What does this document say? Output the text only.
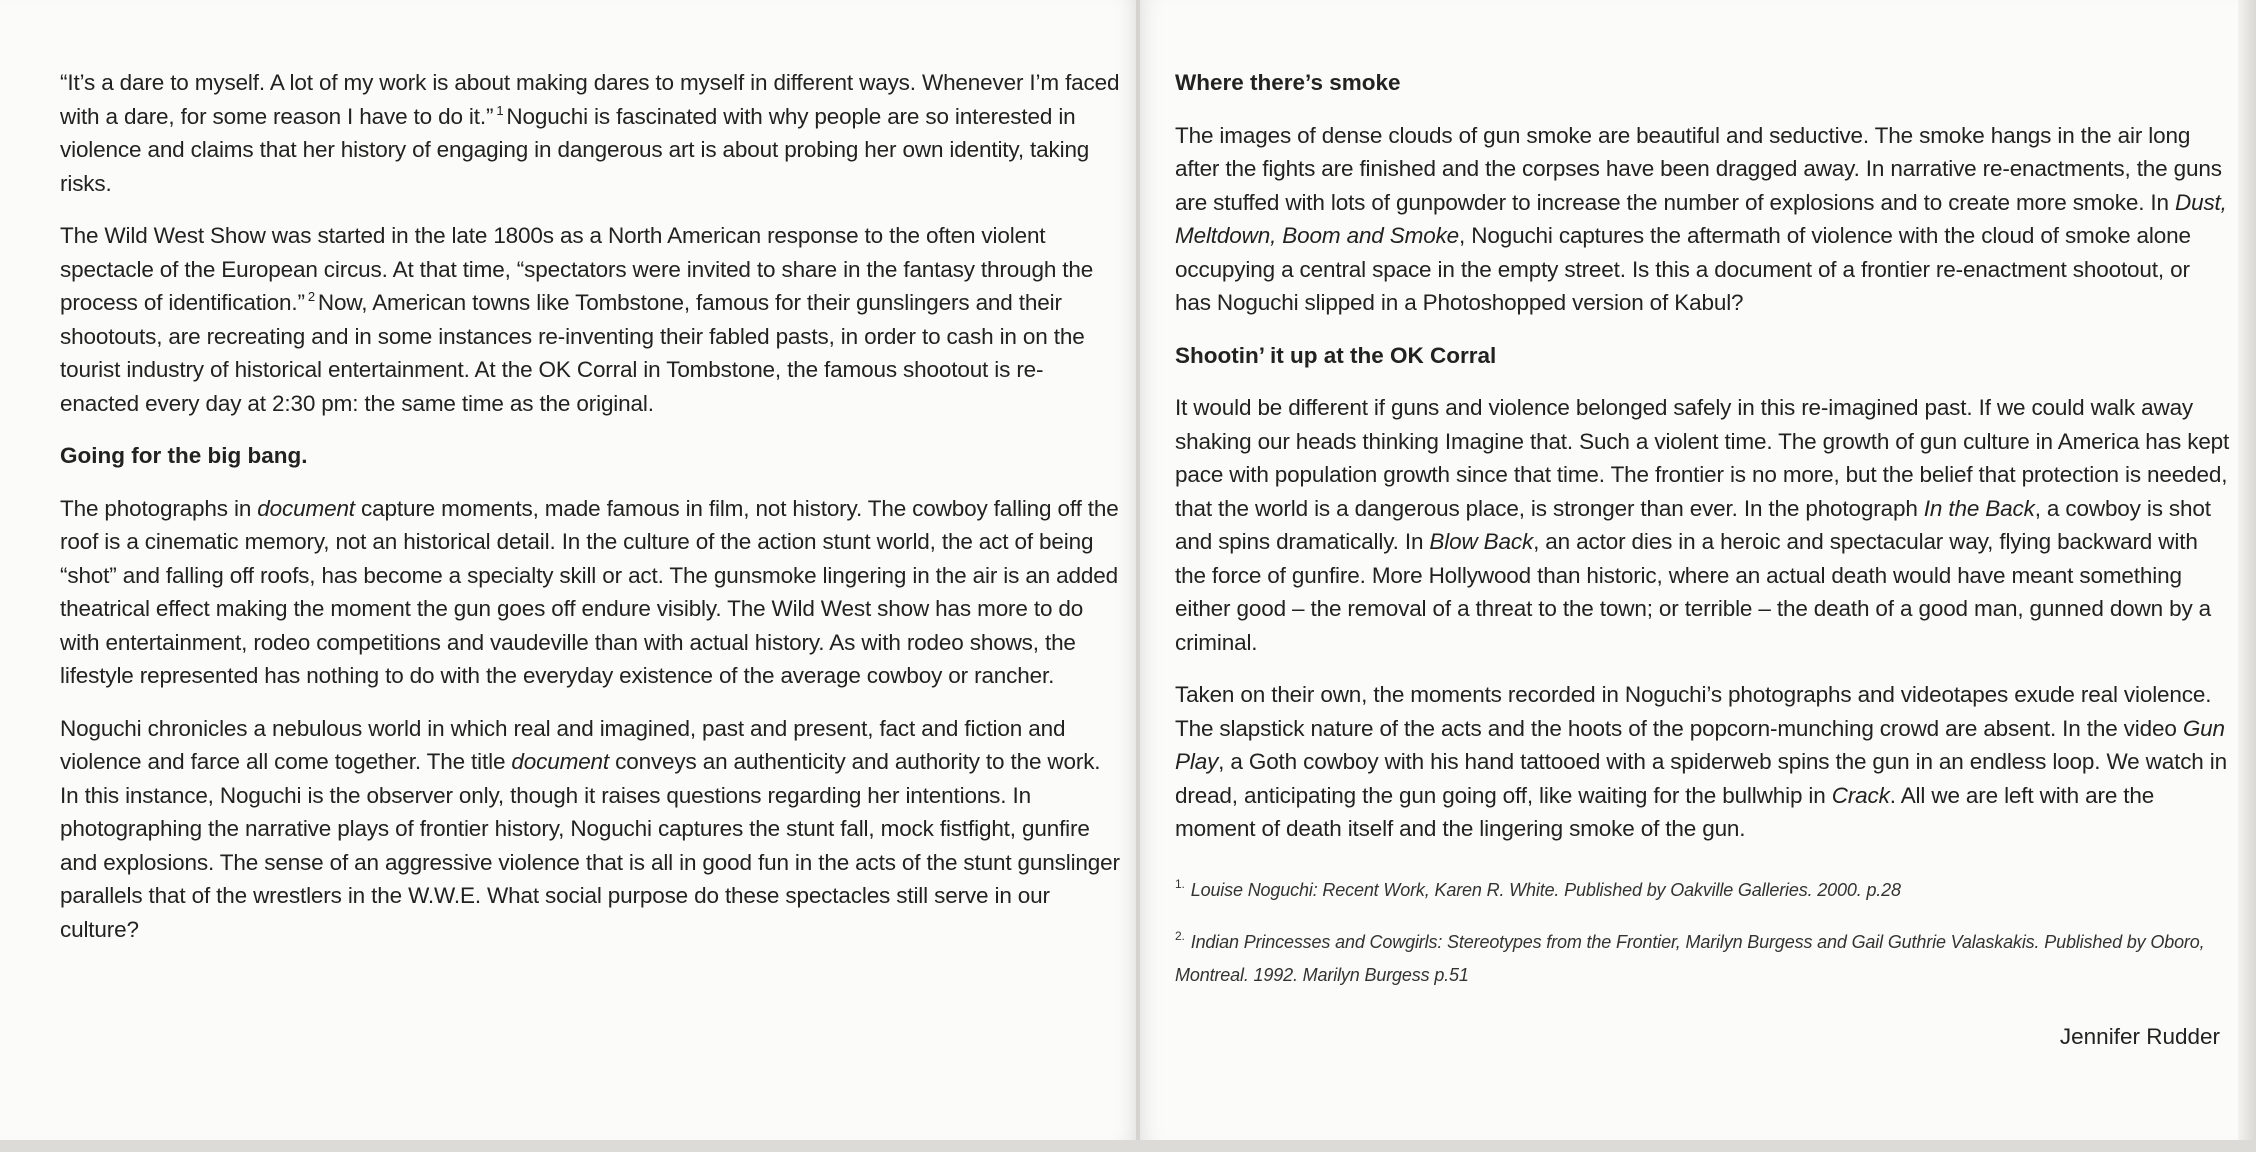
“It’s a dare to myself. A lot of my work is about making dares to myself in different ways. Whenever I’m faced with a dare, for some reason I have to do it.” $^1$ Noguchi is fascinated with why people are so interested in violence and claims that her history of engaging in dangerous art is about probing her own identity, taking risks.

The Wild West Show was started in the late 1800s as a North American response to the often violent spectacle of the European circus. At that time, “spectators were invited to share in the fantasy through the process of identification.” $^2$ Now, American towns like Tombstone, famous for their gunslingers and their shootouts, are recreating and in some instances re-inventing their fabled pasts, in order to cash in on the tourist industry of historical entertainment. At the OK Corral in Tombstone, the famous shootout is re-enacted every day at 2:30 pm: the same time as the original.

Going for the big bang.

The photographs in document capture moments, made famous in film, not history. The cowboy falling off the roof is a cinematic memory, not an historical detail. In the culture of the action stunt world, the act of being “shot” and falling off roofs, has become a specialty skill or act. The gunsmoke lingering in the air is an added theatrical effect making the moment the gun goes off endure visibly. The Wild West show has more to do with entertainment, rodeo competitions and vaudeville than with actual history. As with rodeo shows, the lifestyle represented has nothing to do with the everyday existence of the average cowboy or rancher.

Noguchi chronicles a nebulous world in which real and imagined, past and present, fact and fiction and violence and farce all come together. The title document conveys an authenticity and authority to the work. In this instance, Noguchi is the observer only, though it raises questions regarding her intentions. In photographing the narrative plays of frontier history, Noguchi captures the stunt fall, mock fistfight, gunfire and explosions. The sense of an aggressive violence that is all in good fun in the acts of the stunt gunslinger parallels that of the wrestlers in the W.W.E. What social purpose do these spectacles still serve in our culture?

Where there’s smoke

The images of dense clouds of gun smoke are beautiful and seductive. The smoke hangs in the air long after the fights are finished and the corpses have been dragged away. In narrative re-enactments, the guns are stuffed with lots of gunpowder to increase the number of explosions and to create more smoke. In Dust, Meltdown, Boom and Smoke, Noguchi captures the aftermath of violence with the cloud of smoke alone occupying a central space in the empty street. Is this a document of a frontier re-enactment shootout, or has Noguchi slipped in a Photoshopped version of Kabul?

Shootin’ it up at the OK Corral

It would be different if guns and violence belonged safely in this re-imagined past. If we could walk away shaking our heads thinking Imagine that. Such a violent time. The growth of gun culture in America has kept pace with population growth since that time. The frontier is no more, but the belief that protection is needed, that the world is a dangerous place, is stronger than ever. In the photograph In the Back, a cowboy is shot and spins dramatically. In Blow Back, an actor dies in a heroic and spectacular way, flying backward with the force of gunfire. More Hollywood than historic, where an actual death would have meant something either good – the removal of a threat to the town; or terrible – the death of a good man, gunned down by a criminal.

Taken on their own, the moments recorded in Noguchi’s photographs and videotapes exude real violence. The slapstick nature of the acts and the hoots of the popcorn-munching crowd are absent. In the video Gun Play, a Goth cowboy with his hand tattooed with a spiderweb spins the gun in an endless loop. We watch in dread, anticipating the gun going off, like waiting for the bullwhip in Crack. All we are left with are the moment of death itself and the lingering smoke of the gun.

$^{1.}$ Louise Noguchi: Recent Work, Karen R. White. Published by Oakville Galleries. 2000. p.28

$^{2.}$ Indian Princesses and Cowgirls: Stereotypes from the Frontier, Marilyn Burgess and Gail Guthrie Valaskakis. Published by Oboro, Montreal. 1992. Marilyn Burgess p.51

Jennifer Rudder
